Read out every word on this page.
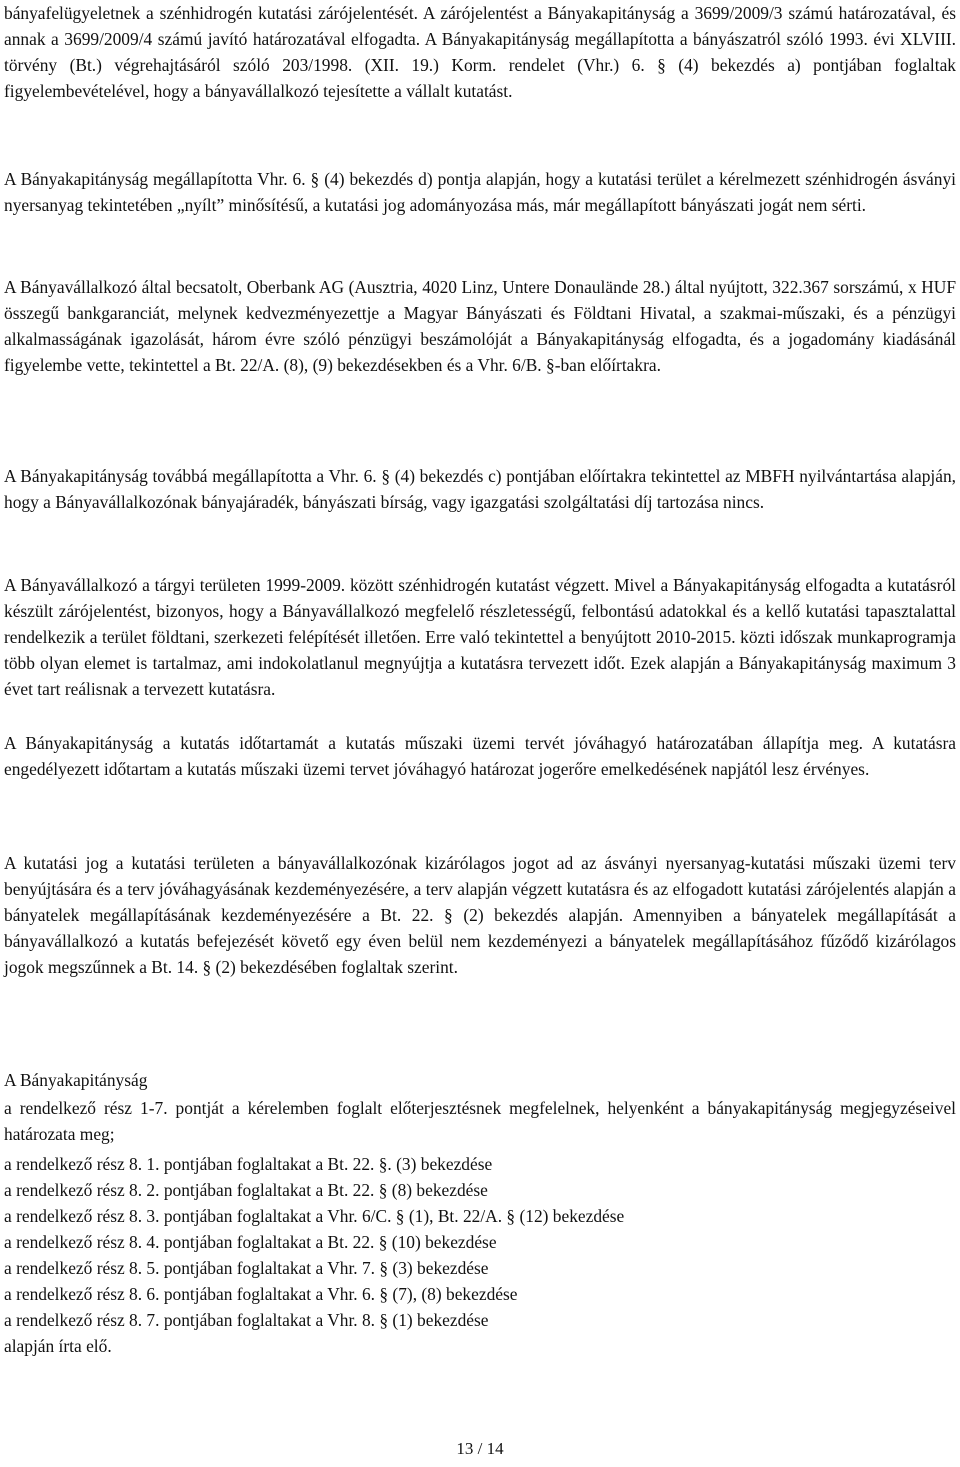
bányafelügyeletnek a szénhidrogén kutatási zárójelentését. A zárójelentést a Bányakapitányság a 3699/2009/3 számú határozatával, és annak a 3699/2009/4 számú javító határozatával elfogadta. A Bányakapitányság megállapította a bányászatról szóló 1993. évi XLVIII. törvény (Bt.) végrehajtásáról szóló 203/1998. (XII. 19.) Korm. rendelet (Vhr.) 6. § (4) bekezdés a) pontjában foglaltak figyelembevételével, hogy a bányavállalkozó tejesítette a vállalt kutatást.

A Bányakapitányság megállapította Vhr. 6. § (4) bekezdés d) pontja alapján, hogy a kutatási terület a kérelmezett szénhidrogén ásványi nyersanyag tekintetében „nyílt” minősítésű, a kutatási jog adományozása más, már megállapított bányászati jogát nem sérti.

A Bányavállalkozó által becsatolt, Oberbank AG (Ausztria, 4020 Linz, Untere Donaulände 28.) által nyújtott, 322.367 sorszámú, x HUF összegű bankgaranciát, melynek kedvezményezettje a Magyar Bányászati és Földtani Hivatal, a szakmai-műszaki, és a pénzügyi alkalmasságának igazolását, három évre szóló pénzügyi beszámolóját a Bányakapitányság elfogadta, és a jogadomány kiadásánál figyelembe vette, tekintettel a Bt. 22/A. (8), (9) bekezdésekben és a Vhr. 6/B. §-ban előírtakra.

A Bányakapitányság továbbá megállapította a Vhr. 6. § (4) bekezdés c) pontjában előírtakra tekintettel az MBFH nyilvántartása alapján, hogy a Bányavállalkozónak bányajáradék, bányászati bírság, vagy igazgatási szolgáltatási díj tartozása nincs.

A Bányavállalkozó a tárgyi területen 1999-2009. között szénhidrogén kutatást végzett. Mivel a Bányakapitányság elfogadta a kutatásról készült zárójelentést, bizonyos, hogy a Bányavállalkozó megfelelő részletességű, felbontású adatokkal és a kellő kutatási tapasztalattal rendelkezik a terület földtani, szerkezeti felépítését illetően. Erre való tekintettel a benyújtott 2010-2015. közti időszak munkaprogramja több olyan elemet is tartalmaz, ami indokolatlanul megnyújtja a kutatásra tervezett időt. Ezek alapján a Bányakapitányság maximum 3 évet tart reálisnak a tervezett kutatásra.

A Bányakapitányság a kutatás időtartamát a kutatás műszaki üzemi tervét jóváhagyó határozatában állapítja meg. A kutatásra engedélyezett időtartam a kutatás műszaki üzemi tervet jóváhagyó határozat jogerőre emelkedésének napjától lesz érvényes.

A kutatási jog a kutatási területen a bányavállalkozónak kizárólagos jogot ad az ásványi nyersanyag-kutatási műszaki üzemi terv benyújtására és a terv jóváhagyásának kezdeményezésére, a terv alapján végzett kutatásra és az elfogadott kutatási zárójelentés alapján a bányatelek megállapításának kezdeményezésére a Bt. 22. § (2) bekezdés alapján. Amennyiben a bányatelek megállapítását a bányavállalkozó a kutatás befejezését követő egy éven belül nem kezdeményezi a bányatelek megállapításához fűződő kizárólagos jogok megszűnnek a Bt. 14. § (2) bekezdésében foglaltak szerint.

A Bányakapitányság

a rendelkező rész 1-7. pontját a kérelemben foglalt előterjesztésnek megfelelnek, helyenként a bányakapitányság megjegyzéseivel határozata meg;

a rendelkező rész 8. 1. pontjában foglaltakat a Bt. 22. §. (3) bekezdése

a rendelkező rész 8. 2. pontjában foglaltakat a Bt. 22. § (8) bekezdése

a rendelkező rész 8. 3. pontjában foglaltakat a Vhr. 6/C. § (1), Bt. 22/A. § (12) bekezdése

a rendelkező rész 8. 4. pontjában foglaltakat a Bt. 22. § (10) bekezdése

a rendelkező rész 8. 5. pontjában foglaltakat a Vhr. 7. § (3) bekezdése

a rendelkező rész 8. 6. pontjában foglaltakat a Vhr. 6. § (7), (8) bekezdése

a rendelkező rész 8. 7. pontjában foglaltakat a Vhr. 8. § (1) bekezdése

alapján írta elő.

13 / 14
